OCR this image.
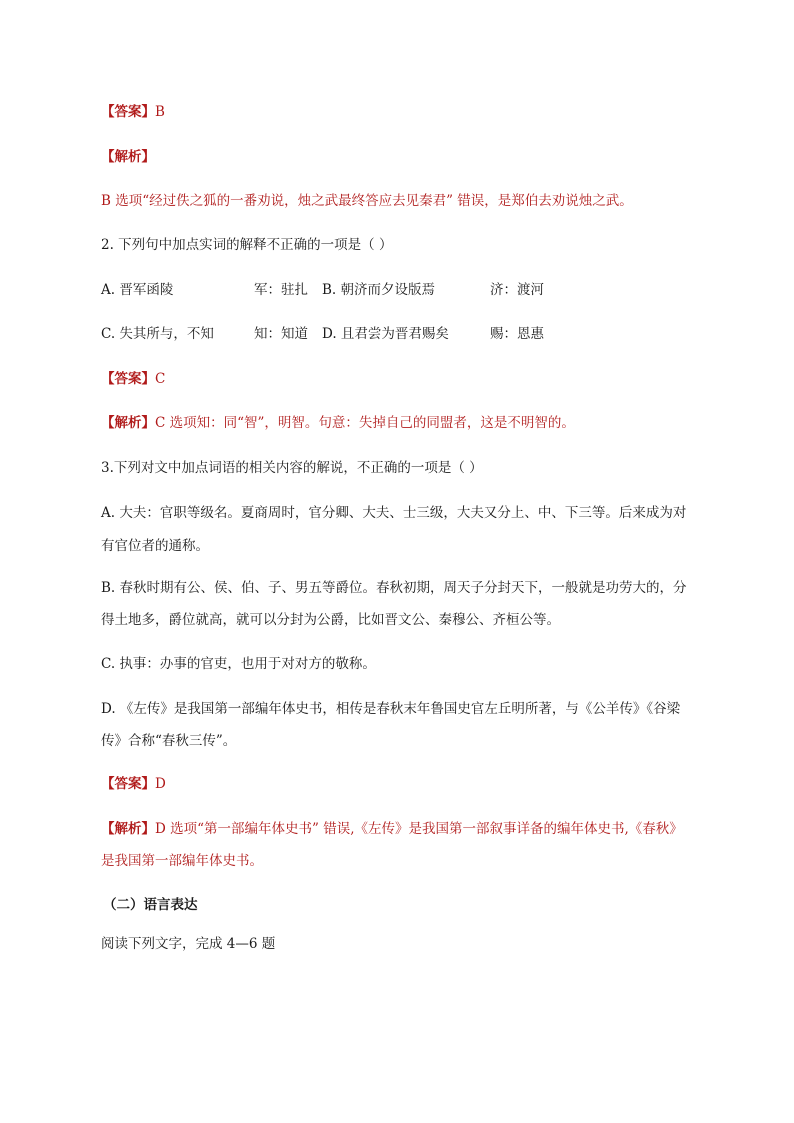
【答案】B
【解析】
B 选项“经过佚之狐的一番劝说，烛之武最终答应去见秦君” 错误，是郑伯去劝说烛之武。
2. 下列句中加点实词的解释不正确的一项是（ ）
A. 晋军函陵	军：驻扎 B. 朝济而夕设版焉	济：渡河
C. 失其所与，不知	知：知道 D. 且君尝为晋君赐矣	赐：恩惠
【答案】C
【解析】C 选项知：同“智”，明智。句意：失掉自己的同盟者，这是不明智的。
3.下列对文中加点词语的相关内容的解说，不正确的一项是（ ）
A. 大夫：官职等级名。夏商周时，官分卿、大夫、士三级，大夫又分上、中、下三等。后来成为对
有官位者的通称。
B. 春秋时期有公、侯、伯、子、男五等爵位。春秋初期，周天子分封天下，一般就是功劳大的，分
得土地多，爵位就高，就可以分封为公爵，比如晋文公、秦穆公、齐桓公等。
C. 执事：办事的官吏，也用于对对方的敬称。
D. 《左传》是我国第一部编年体史书，相传是春秋末年鲁国史官左丘明所著，与《公羊传》《谷梁
传》合称“春秋三传”。
【答案】D
【解析】D 选项“第一部编年体史书” 错误,《左传》是我国第一部叙事详备的编年体史书,《春秋》
是我国第一部编年体史书。
（二）语言表达
阅读下列文字，完成 4—6 题
